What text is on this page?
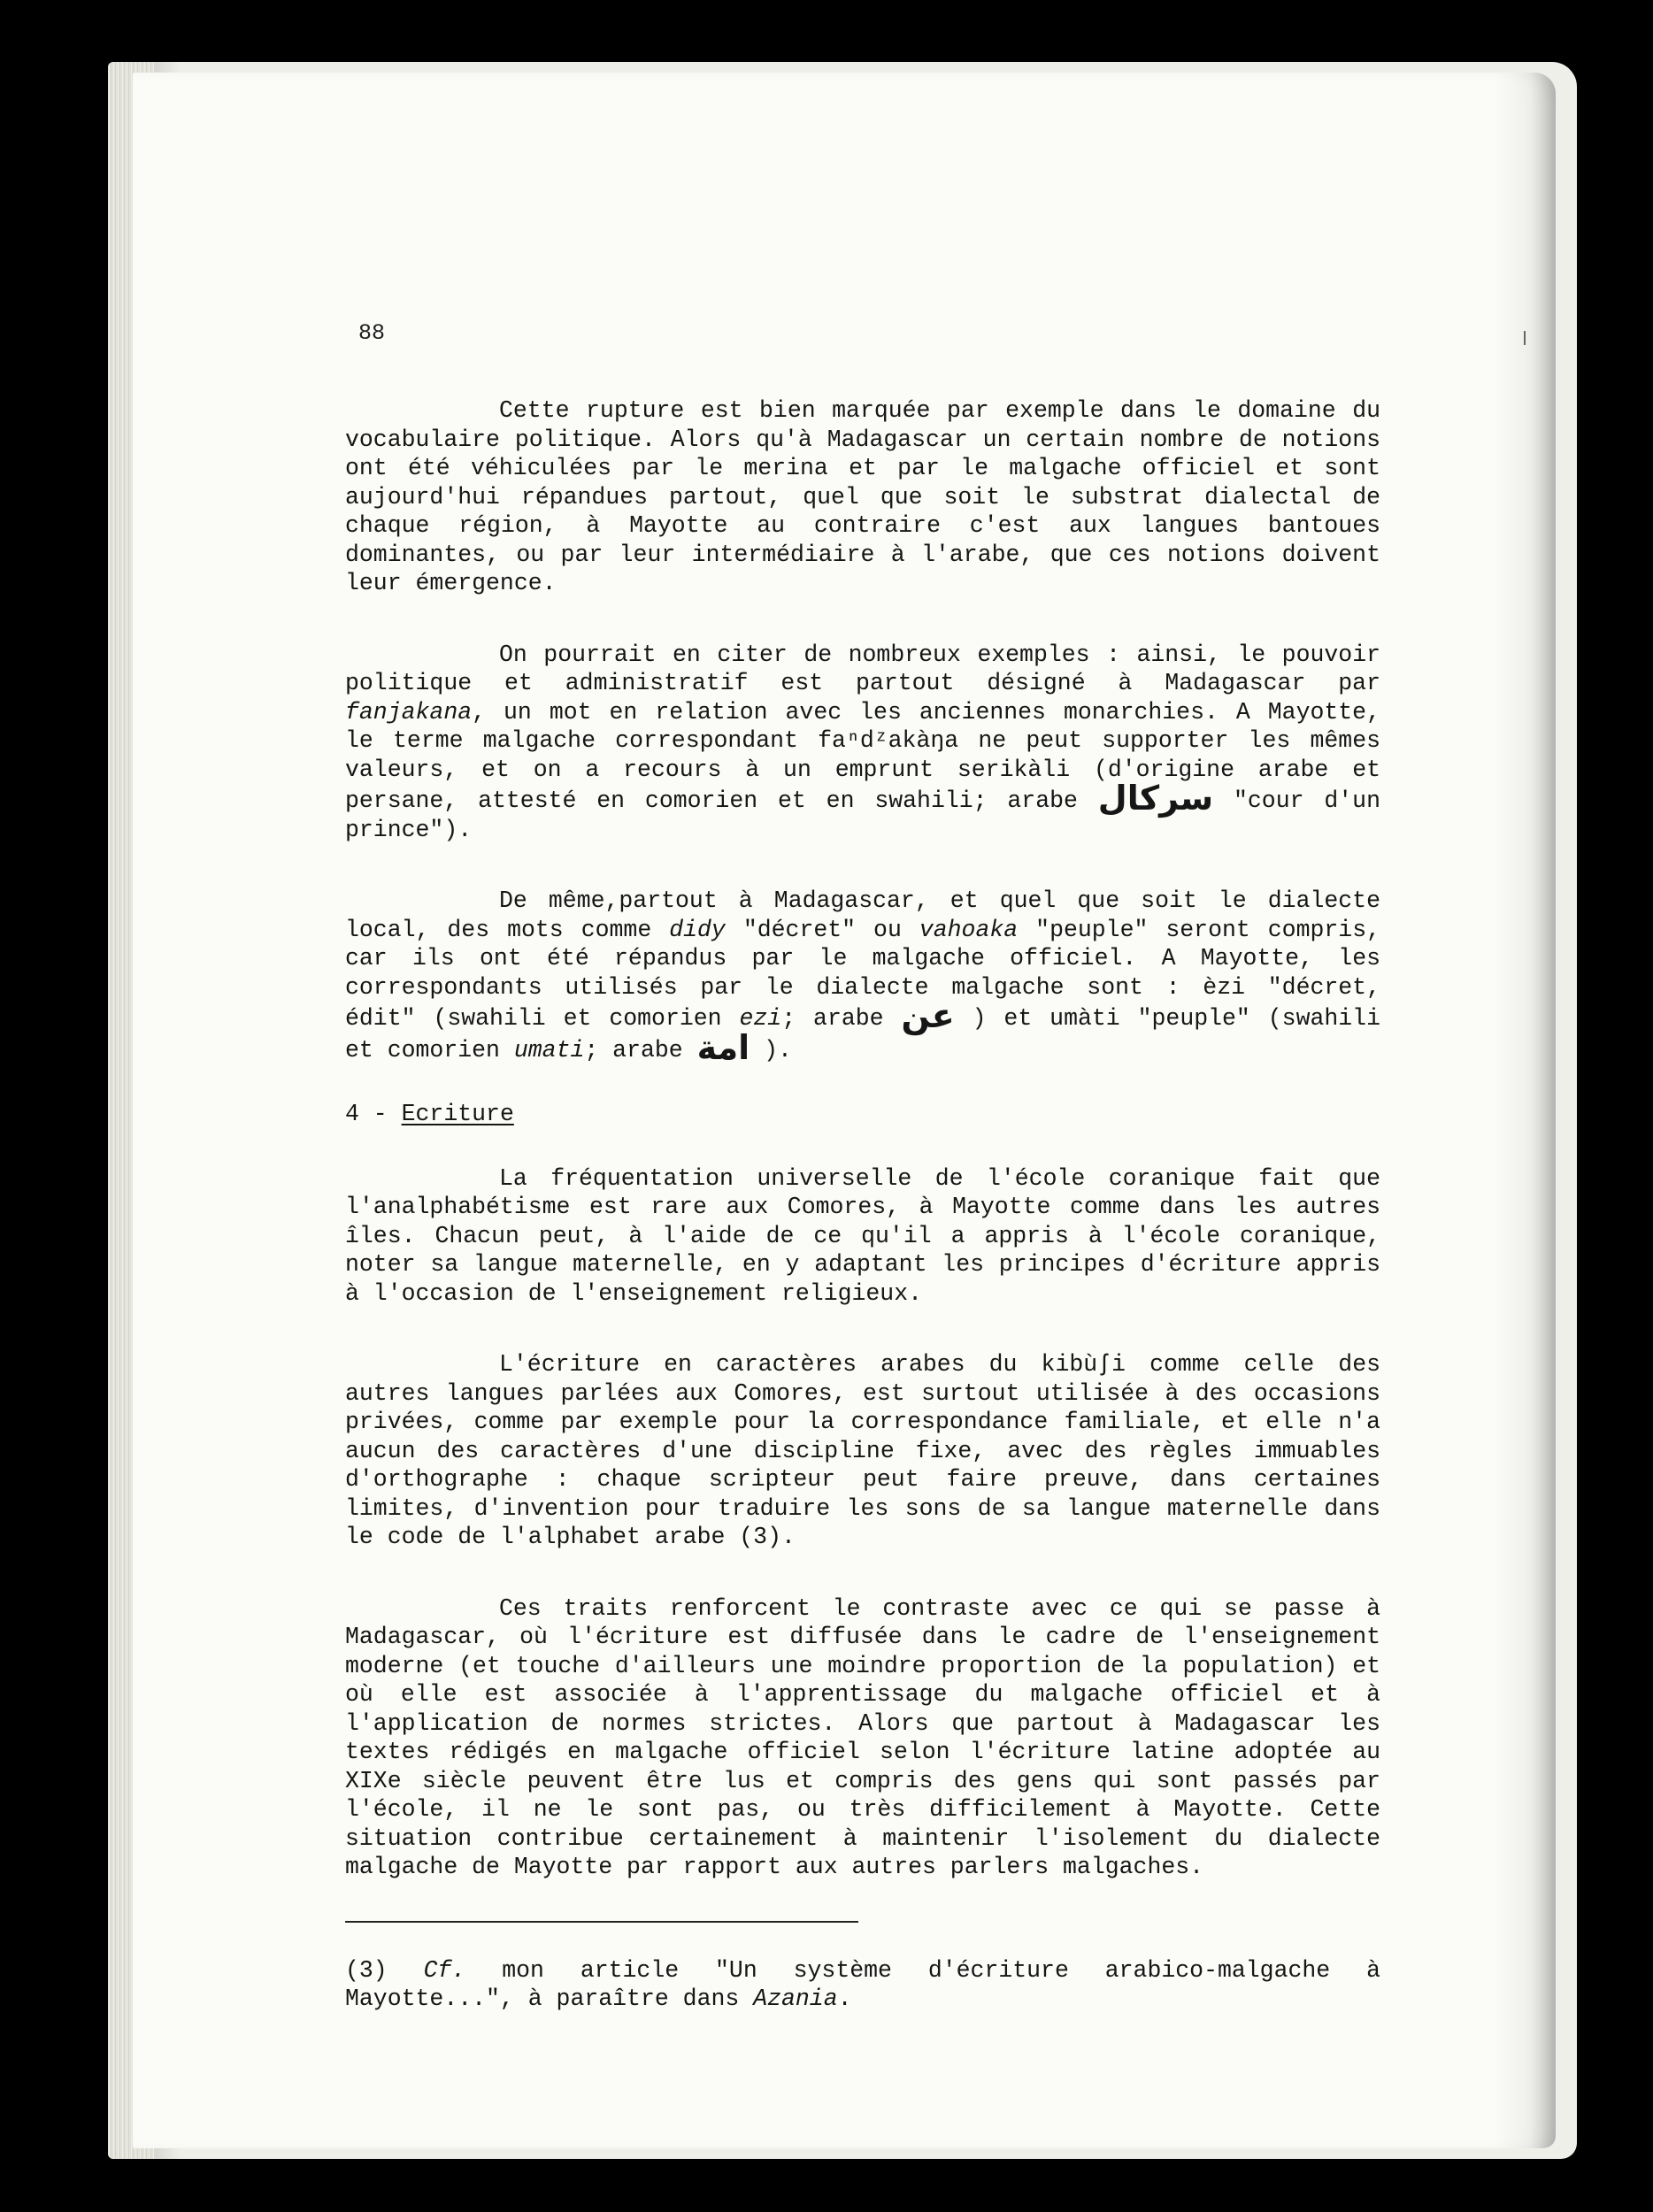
88

Cette rupture est bien marquée par exemple dans le domaine du vocabulaire politique. Alors qu'à Madagascar un certain nombre de notions ont été véhiculées par le merina et par le malgache officiel et sont aujourd'hui répandues partout, quel que soit le substrat dialectal de chaque région, à Mayotte au contraire c'est aux langues bantoues dominantes, ou par leur intermédiaire à l'arabe, que ces notions doivent leur émergence.

On pourrait en citer de nombreux exemples : ainsi, le pouvoir politique et administratif est partout désigné à Madagascar par fanjakana, un mot en relation avec les anciennes monarchies. A Mayotte, le terme malgache correspondant faⁿdᶻakàŋa ne peut supporter les mêmes valeurs, et on a recours à un emprunt serikàli (d'origine arabe et persane, attesté en comorien et en swahili; arabe سركال "cour d'un prince").

De même,partout à Madagascar, et quel que soit le dialecte local, des mots comme didy "décret" ou vahoaka "peuple" seront compris, car ils ont été répandus par le malgache officiel. A Mayotte, les correspondants utilisés par le dialecte malgache sont : èzi "décret, édit" (swahili et comorien ezi; arabe عن ) et umàti "peuple" (swahili et comorien umati; arabe امة ).

4 - Ecriture

La fréquentation universelle de l'école coranique fait que l'analphabétisme est rare aux Comores, à Mayotte comme dans les autres îles. Chacun peut, à l'aide de ce qu'il a appris à l'école coranique, noter sa langue maternelle, en y adaptant les principes d'écriture appris à l'occasion de l'enseignement religieux.

L'écriture en caractères arabes du kibùʃi comme celle des autres langues parlées aux Comores, est surtout utilisée à des occasions privées, comme par exemple pour la correspondance familiale, et elle n'a aucun des caractères d'une discipline fixe, avec des règles immuables d'orthographe : chaque scripteur peut faire preuve, dans certaines limites, d'invention pour traduire les sons de sa langue maternelle dans le code de l'alphabet arabe (3).

Ces traits renforcent le contraste avec ce qui se passe à Madagascar, où l'écriture est diffusée dans le cadre de l'enseignement moderne (et touche d'ailleurs une moindre proportion de la population) et où elle est associée à l'apprentissage du malgache officiel et à l'application de normes strictes. Alors que partout à Madagascar les textes rédigés en malgache officiel selon l'écriture latine adoptée au XIXe siècle peuvent être lus et compris des gens qui sont passés par l'école, il ne le sont pas, ou très difficilement à Mayotte. Cette situation contribue certainement à maintenir l'isolement du dialecte malgache de Mayotte par rapport aux autres parlers malgaches.

(3) Cf. mon article "Un système d'écriture arabico-malgache à Mayotte...", à paraître dans Azania.
